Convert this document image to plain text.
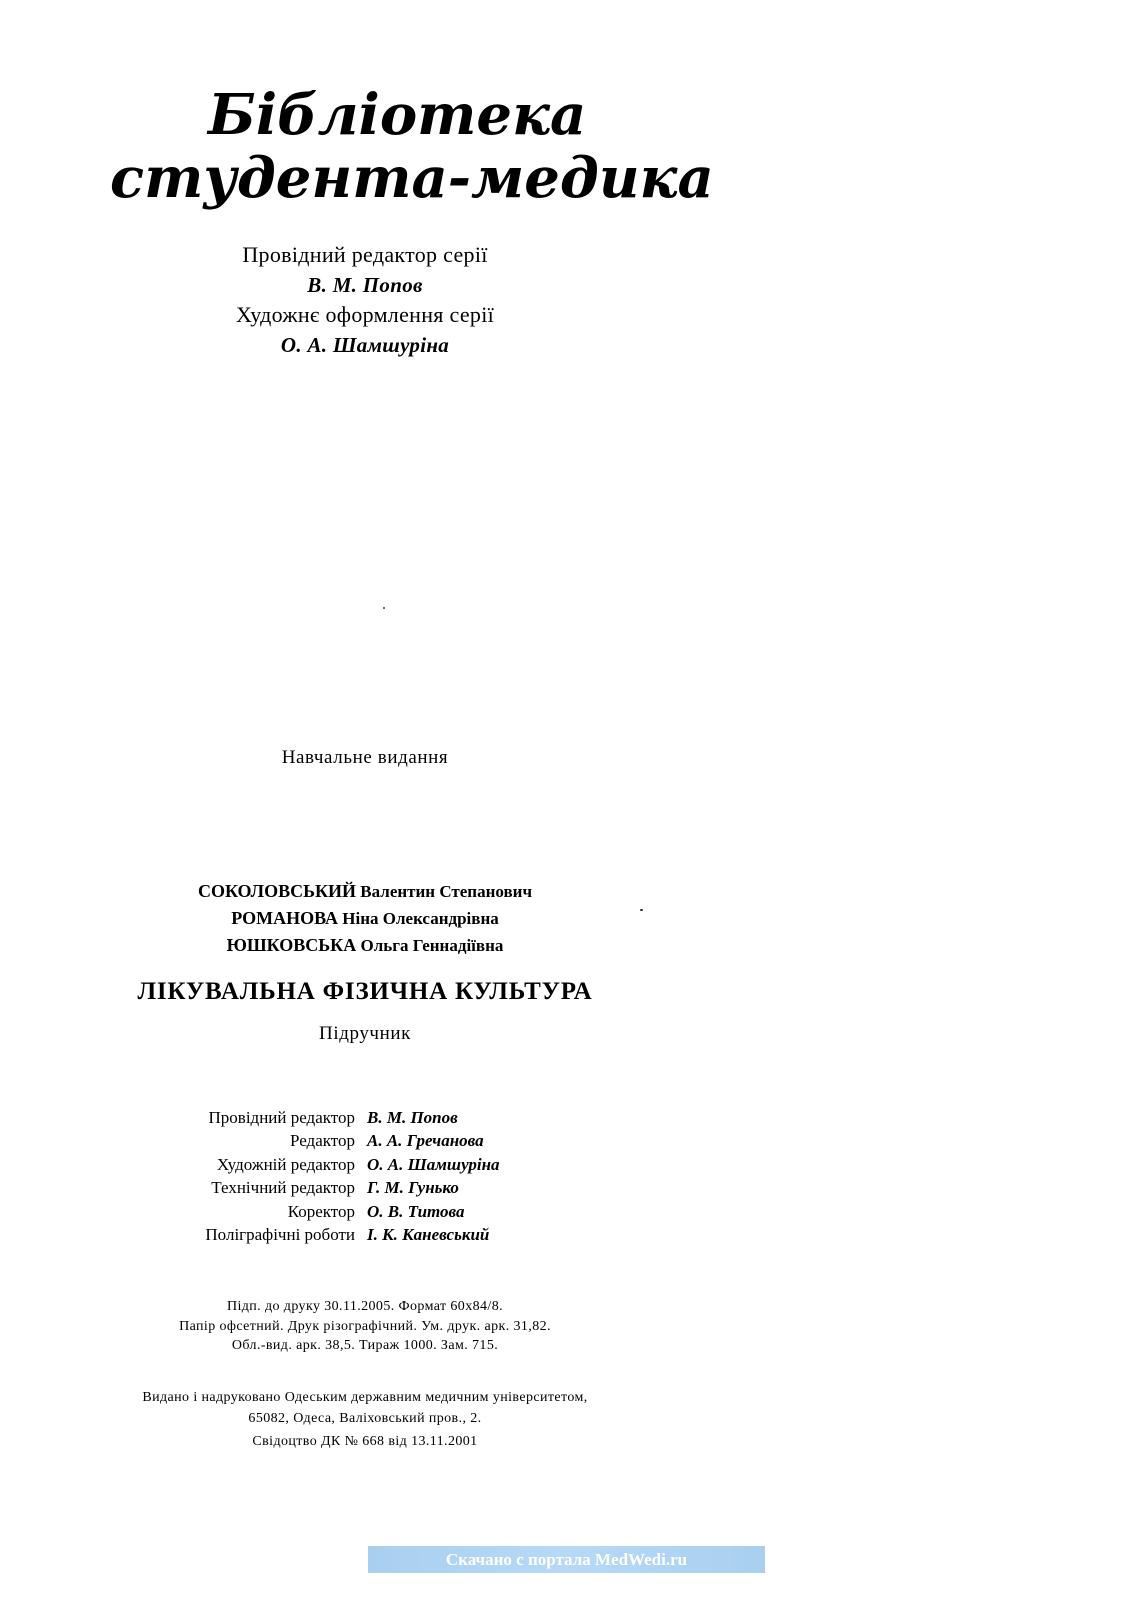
Бібліотека
студента-медика
Провідний редактор серії
В. М. Попов
Художнє оформлення серії
О. А. Шамшуріна
Навчальне видання
СОКОЛОВСЬКИЙ Валентин Степанович
РОМАНОВА Ніна Олександрівна
ЮШКОВСЬКА Ольга Геннадіївна
ЛІКУВАЛЬНА ФІЗИЧНА КУЛЬТУРА
Підручник
Провідний редактор В. М. Попов
Редактор А. А. Гречанова
Художній редактор О. А. Шамшуріна
Технічний редактор Г. М. Гунько
Коректор О. В. Титова
Поліграфічні роботи І. К. Каневський
Підп. до друку 30.11.2005. Формат 60х84/8.
Папір офсетний. Друк різографічний. Ум. друк. арк. 31,82.
Обл.-вид. арк. 38,5. Тираж 1000. Зам. 715.
Видано і надруковано Одеським державним медичним університетом,
65082, Одеса, Валіховський пров., 2.
Свідоцтво ДК № 668 від 13.11.2001
Скачано с портала MedWedi.ru
